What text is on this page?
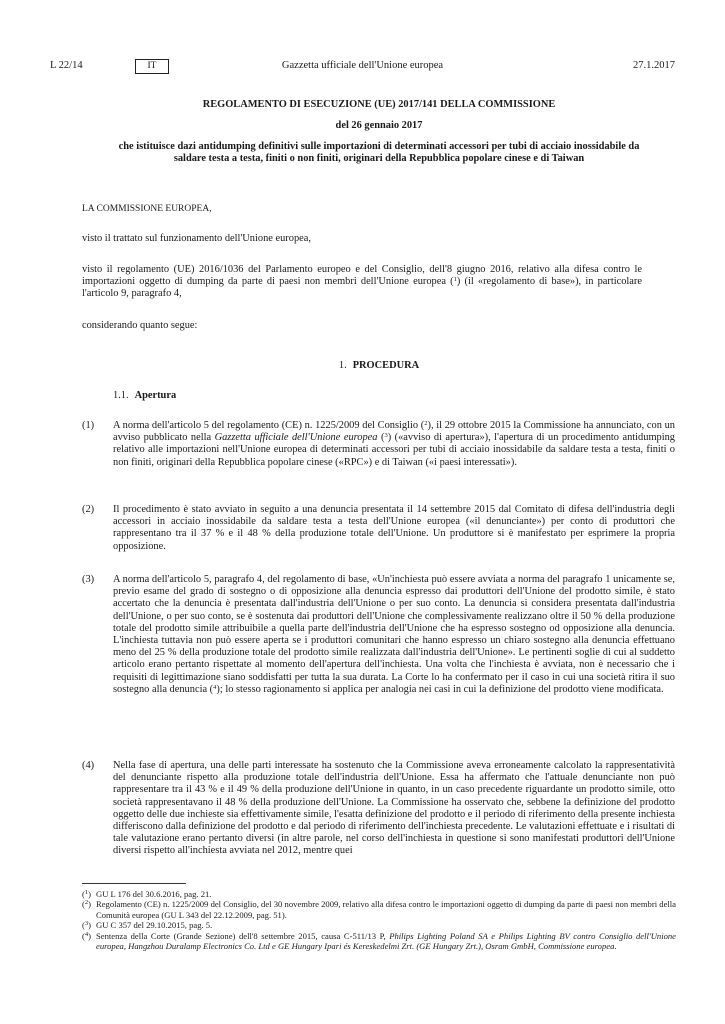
L 22/14	IT	Gazzetta ufficiale dell'Unione europea	27.1.2017
REGOLAMENTO DI ESECUZIONE (UE) 2017/141 DELLA COMMISSIONE
del 26 gennaio 2017
che istituisce dazi antidumping definitivi sulle importazioni di determinati accessori per tubi di acciaio inossidabile da saldare testa a testa, finiti o non finiti, originari della Repubblica popolare cinese e di Taiwan
LA COMMISSIONE EUROPEA,
visto il trattato sul funzionamento dell'Unione europea,
visto il regolamento (UE) 2016/1036 del Parlamento europeo e del Consiglio, dell'8 giugno 2016, relativo alla difesa contro le importazioni oggetto di dumping da parte di paesi non membri dell'Unione europea ($^1$) (il «regolamento di base»), in particolare l'articolo 9, paragrafo 4,
considerando quanto segue:
1. PROCEDURA
1.1. Apertura
(1) A norma dell'articolo 5 del regolamento (CE) n. 1225/2009 del Consiglio ($^2$), il 29 ottobre 2015 la Commissione ha annunciato, con un avviso pubblicato nella Gazzetta ufficiale dell'Unione europea ($^3$) («avviso di apertura»), l'apertura di un procedimento antidumping relativo alle importazioni nell'Unione europea di determinati accessori per tubi di acciaio inossidabile da saldare testa a testa, finiti o non finiti, originari della Repubblica popolare cinese («RPC») e di Taiwan («i paesi interessati»).
(2) Il procedimento è stato avviato in seguito a una denuncia presentata il 14 settembre 2015 dal Comitato di difesa dell'industria degli accessori in acciaio inossidabile da saldare testa a testa dell'Unione europea («il denunciante») per conto di produttori che rappresentano tra il 37 % e il 48 % della produzione totale dell'Unione. Un produttore si è manifestato per esprimere la propria opposizione.
(3) A norma dell'articolo 5, paragrafo 4, del regolamento di base, «Un'inchiesta può essere avviata a norma del paragrafo 1 unicamente se, previo esame del grado di sostegno o di opposizione alla denuncia espresso dai produttori dell'Unione del prodotto simile, è stato accertato che la denuncia è presentata dall'industria dell'Unione o per suo conto. La denuncia si considera presentata dall'industria dell'Unione, o per suo conto, se è sostenuta dai produttori dell'Unione che complessivamente realizzano oltre il 50 % della produzione totale del prodotto simile attribuibile a quella parte dell'industria dell'Unione che ha espresso sostegno od opposizione alla denuncia. L'inchiesta tuttavia non può essere aperta se i produttori comunitari che hanno espresso un chiaro sostegno alla denuncia effettuano meno del 25 % della produzione totale del prodotto simile realizzata dall'industria dell'Unione». Le pertinenti soglie di cui al suddetto articolo erano pertanto rispettate al momento dell'apertura dell'inchiesta. Una volta che l'inchiesta è avviata, non è necessario che i requisiti di legittimazione siano soddisfatti per tutta la sua durata. La Corte lo ha confermato per il caso in cui una società ritira il suo sostegno alla denuncia ($^4$); lo stesso ragionamento si applica per analogia nei casi in cui la definizione del prodotto viene modificata.
(4) Nella fase di apertura, una delle parti interessate ha sostenuto che la Commissione aveva erroneamente calcolato la rappresentatività del denunciante rispetto alla produzione totale dell'industria dell'Unione. Essa ha affermato che l'attuale denunciante non può rappresentare tra il 43 % e il 49 % della produzione dell'Unione in quanto, in un caso precedente riguardante un prodotto simile, otto società rappresentavano il 48 % della produzione dell'Unione. La Commissione ha osservato che, sebbene la definizione del prodotto oggetto delle due inchieste sia effettivamente simile, l'esatta definizione del prodotto e il periodo di riferimento della presente inchiesta differiscono dalla definizione del prodotto e dal periodo di riferimento dell'inchiesta precedente. Le valutazioni effettuate e i risultati di tale valutazione erano pertanto diversi (in altre parole, nel corso dell'inchiesta in questione si sono manifestati produttori dell'Unione diversi rispetto all'inchiesta avviata nel 2012, mentre quei
($^1$) GU L 176 del 30.6.2016, pag. 21.
($^2$) Regolamento (CE) n. 1225/2009 del Consiglio, del 30 novembre 2009, relativo alla difesa contro le importazioni oggetto di dumping da parte di paesi non membri della Comunità europea (GU L 343 del 22.12.2009, pag. 51).
($^3$) GU C 357 del 29.10.2015, pag. 5.
($^4$) Sentenza della Corte (Grande Sezione) dell'8 settembre 2015, causa C-511/13 P, Philips Lighting Poland SA e Philips Lighting BV contro Consiglio dell'Unione europea, Hangzhou Duralamp Electronics Co. Ltd e GE Hungary Ipari és Kereskedelmi Zrt. (GE Hungary Zrt.), Osram GmbH, Commissione europea.
